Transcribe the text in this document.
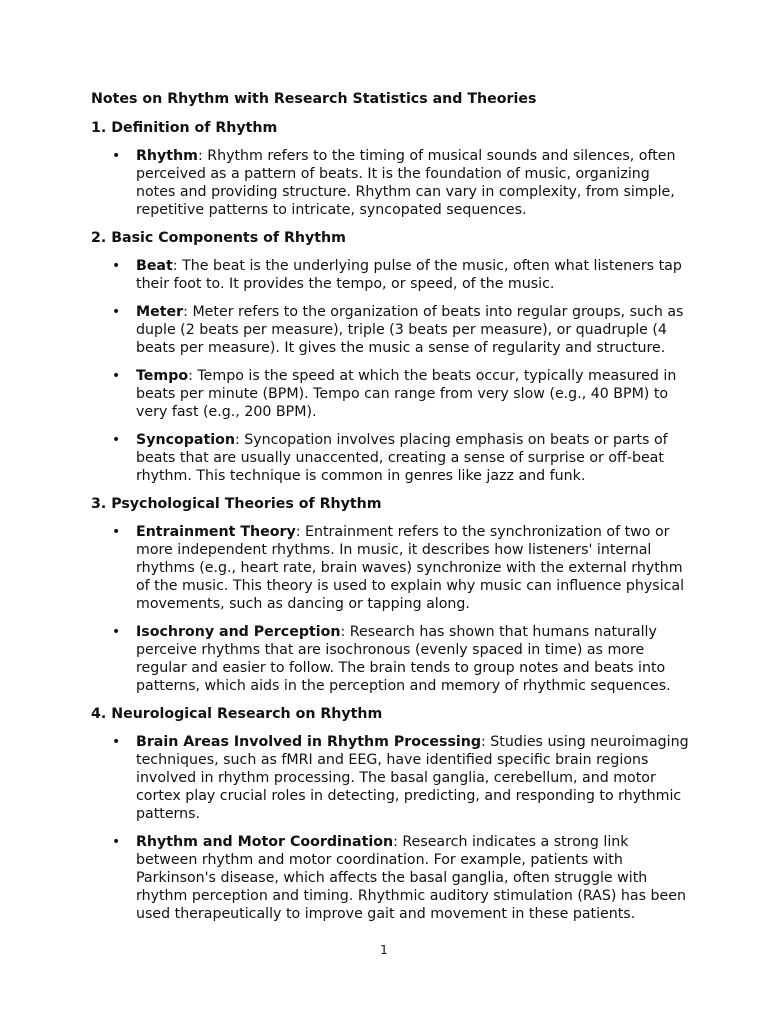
Notes on Rhythm with Research Statistics and Theories
1. Definition of Rhythm
• Rhythm: Rhythm refers to the timing of musical sounds and silences, often perceived as a pattern of beats. It is the foundation of music, organizing notes and providing structure. Rhythm can vary in complexity, from simple, repetitive patterns to intricate, syncopated sequences.
2. Basic Components of Rhythm
• Beat: The beat is the underlying pulse of the music, often what listeners tap their foot to. It provides the tempo, or speed, of the music.
• Meter: Meter refers to the organization of beats into regular groups, such as duple (2 beats per measure), triple (3 beats per measure), or quadruple (4 beats per measure). It gives the music a sense of regularity and structure.
• Tempo: Tempo is the speed at which the beats occur, typically measured in beats per minute (BPM). Tempo can range from very slow (e.g., 40 BPM) to very fast (e.g., 200 BPM).
• Syncopation: Syncopation involves placing emphasis on beats or parts of beats that are usually unaccented, creating a sense of surprise or off-beat rhythm. This technique is common in genres like jazz and funk.
3. Psychological Theories of Rhythm
• Entrainment Theory: Entrainment refers to the synchronization of two or more independent rhythms. In music, it describes how listeners' internal rhythms (e.g., heart rate, brain waves) synchronize with the external rhythm of the music. This theory is used to explain why music can influence physical movements, such as dancing or tapping along.
• Isochrony and Perception: Research has shown that humans naturally perceive rhythms that are isochronous (evenly spaced in time) as more regular and easier to follow. The brain tends to group notes and beats into patterns, which aids in the perception and memory of rhythmic sequences.
4. Neurological Research on Rhythm
• Brain Areas Involved in Rhythm Processing: Studies using neuroimaging techniques, such as fMRI and EEG, have identified specific brain regions involved in rhythm processing. The basal ganglia, cerebellum, and motor cortex play crucial roles in detecting, predicting, and responding to rhythmic patterns.
• Rhythm and Motor Coordination: Research indicates a strong link between rhythm and motor coordination. For example, patients with Parkinson's disease, which affects the basal ganglia, often struggle with rhythm perception and timing. Rhythmic auditory stimulation (RAS) has been used therapeutically to improve gait and movement in these patients.
1
